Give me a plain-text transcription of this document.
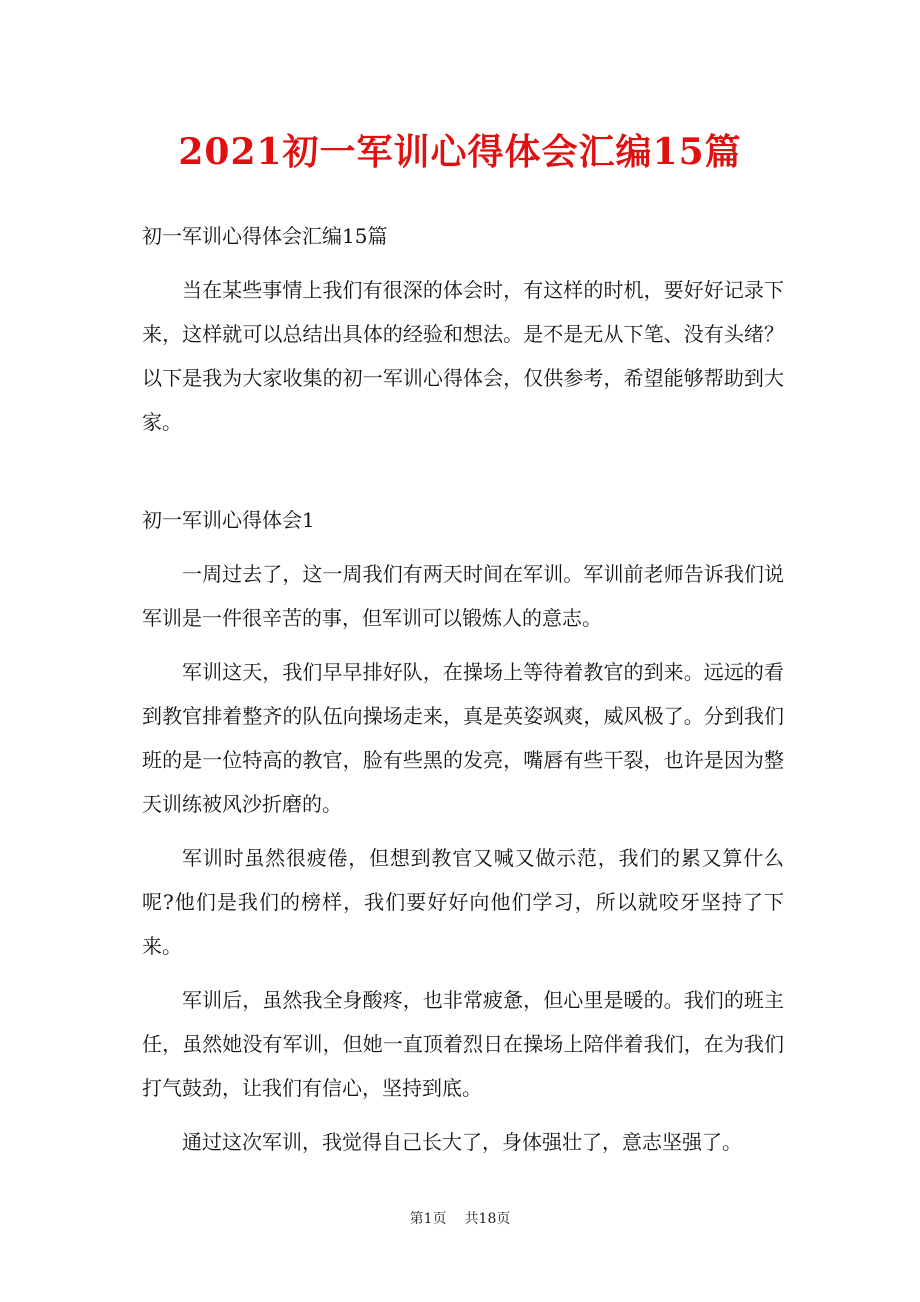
2021初一军训心得体会汇编15篇

初一军训心得体会汇编15篇

当在某些事情上我们有很深的体会时，有这样的时机，要好好记录下来，这样就可以总结出具体的经验和想法。是不是无从下笔、没有头绪？以下是我为大家收集的初一军训心得体会，仅供参考，希望能够帮助到大家。

初一军训心得体会1

一周过去了，这一周我们有两天时间在军训。军训前老师告诉我们说军训是一件很辛苦的事，但军训可以锻炼人的意志。

军训这天，我们早早排好队，在操场上等待着教官的到来。远远的看到教官排着整齐的队伍向操场走来，真是英姿飒爽，威风极了。分到我们班的是一位特高的教官，脸有些黑的发亮，嘴唇有些干裂，也许是因为整天训练被风沙折磨的。

军训时虽然很疲倦，但想到教官又喊又做示范，我们的累又算什么呢?他们是我们的榜样，我们要好好向他们学习，所以就咬牙坚持了下来。

军训后，虽然我全身酸疼，也非常疲惫，但心里是暖的。我们的班主任，虽然她没有军训，但她一直顶着烈日在操场上陪伴着我们，在为我们打气鼓劲，让我们有信心，坚持到底。

通过这次军训，我觉得自己长大了，身体强壮了，意志坚强了。

第1页 共18页
